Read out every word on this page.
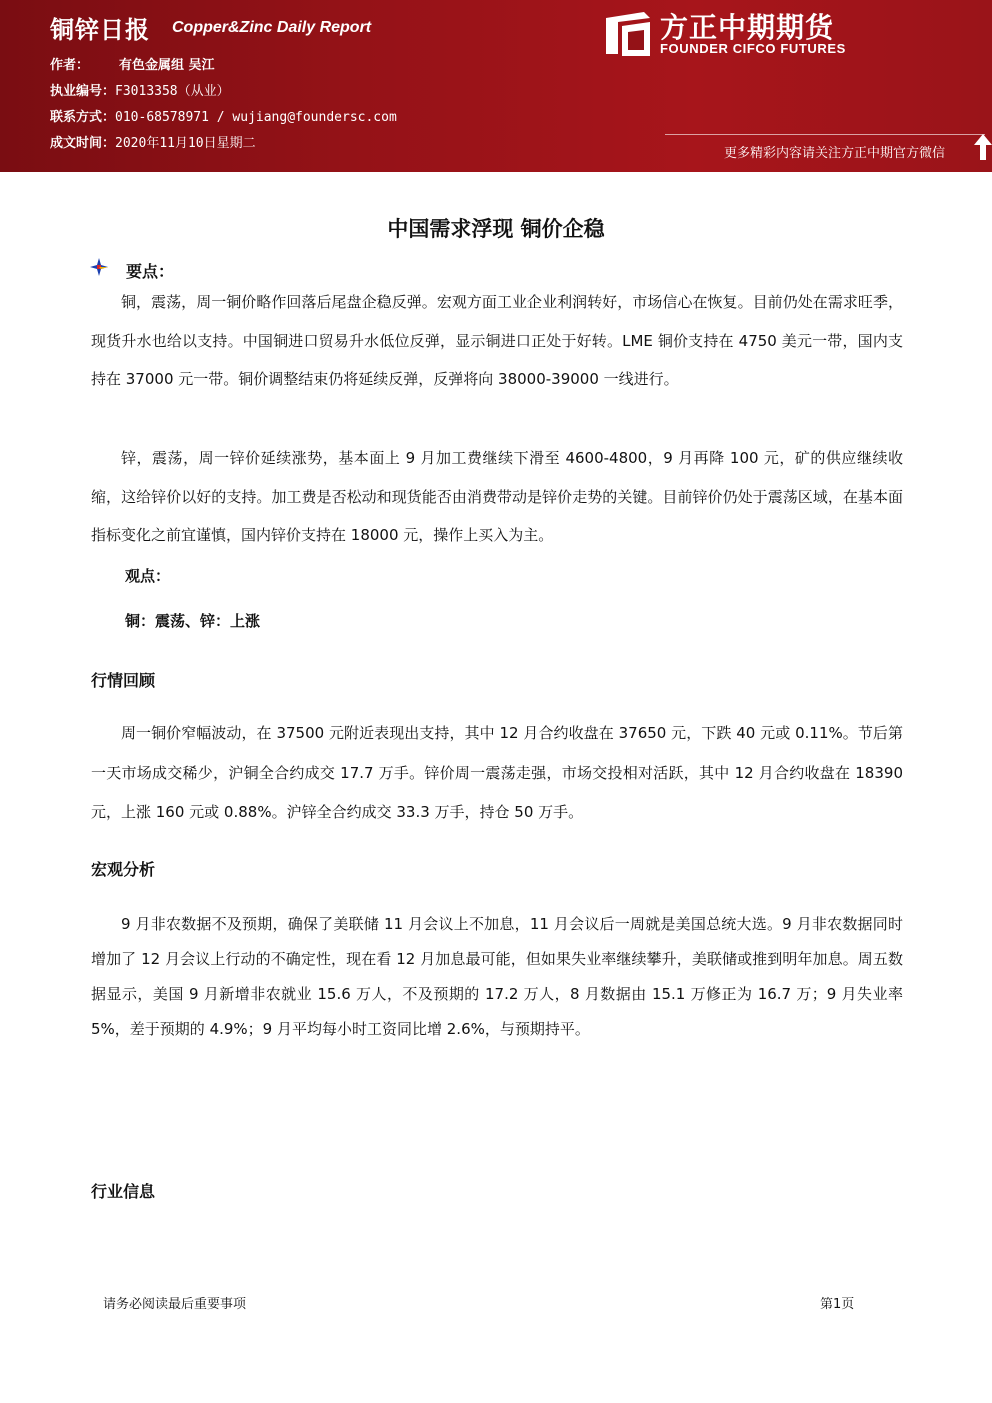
铜锌日报 Copper&Zinc Daily Report
作者： 有色金属组 吴江
执业编号：F3013358（从业）
联系方式：010-68578971 / wujiang@foundersc.com
成文时间：2020年11月10日星期二
方正中期期货
FOUNDER CIFCO FUTURES
更多精彩内容请关注方正中期官方微信
中国需求浮现 铜价企稳
要点：
铜，震荡，周一铜价略作回落后尾盘企稳反弹。宏观方面工业企业利润转好，市场信心在恢复。目前仍处在需求旺季，现货升水也给以支持。中国铜进口贸易升水低位反弹，显示铜进口正处于好转。LME 铜价支持在 4750 美元一带，国内支持在 37000 元一带。铜价调整结束仍将延续反弹，反弹将向 38000-39000 一线进行。
锌，震荡，周一锌价延续涨势，基本面上 9 月加工费继续下滑至 4600-4800，9 月再降 100 元，矿的供应继续收缩，这给锌价以好的支持。加工费是否松动和现货能否由消费带动是锌价走势的关键。目前锌价仍处于震荡区域，在基本面指标变化之前宜谨慎，国内锌价支持在 18000 元，操作上买入为主。
观点：
铜：震荡、锌：上涨
行情回顾
周一铜价窄幅波动，在 37500 元附近表现出支持，其中 12 月合约收盘在 37650 元，下跌 40 元或 0.11%。节后第一天市场成交稀少，沪铜全合约成交 17.7 万手。锌价周一震荡走强，市场交投相对活跃，其中 12 月合约收盘在 18390 元，上涨 160 元或 0.88%。沪锌全合约成交 33.3 万手，持仓 50 万手。
宏观分析
9 月非农数据不及预期，确保了美联储 11 月会议上不加息，11 月会议后一周就是美国总统大选。9 月非农数据同时增加了 12 月会议上行动的不确定性，现在看 12 月加息最可能，但如果失业率继续攀升，美联储或推到明年加息。周五数据显示，美国 9 月新增非农就业 15.6 万人，不及预期的 17.2 万人，8 月数据由 15.1 万修正为 16.7 万；9 月失业率 5%，差于预期的 4.9%；9 月平均每小时工资同比增 2.6%，与预期持平。
行业信息
请务必阅读最后重要事项	第1页
